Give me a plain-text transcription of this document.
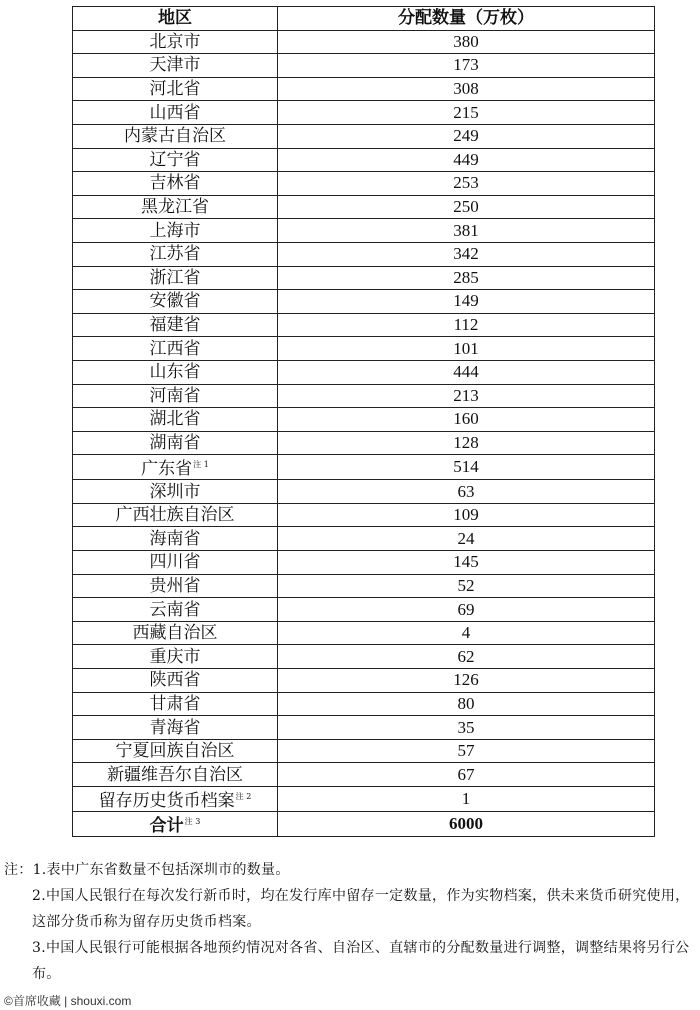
地区	分配数量（万枚）
北京市	380
天津市	173
河北省	308
山西省	215
内蒙古自治区	249
辽宁省	449
吉林省	253
黑龙江省	250
上海市	381
江苏省	342
浙江省	285
安徽省	149
福建省	112
江西省	101
山东省	444
河南省	213
湖北省	160
湖南省	128
广东省$^{注 1}$	514
深圳市	63
广西壮族自治区	109
海南省	24
四川省	145
贵州省	52
云南省	69
西藏自治区	4
重庆市	62
陕西省	126
甘肃省	80
青海省	35
宁夏回族自治区	57
新疆维吾尔自治区	67
留存历史货币档案$^{注 2}$	1
合计$^{注 3}$	6000

注：1.表中广东省数量不包括深圳市的数量。

2.中国人民银行在每次发行新币时，均在发行库中留存一定数量，作为实物档案，供未来货币研究使用，这部分货币称为留存历史货币档案。

3.中国人民银行可能根据各地预约情况对各省、自治区、直辖市的分配数量进行调整，调整结果将另行公布。

©首席收藏 | shouxi.com
